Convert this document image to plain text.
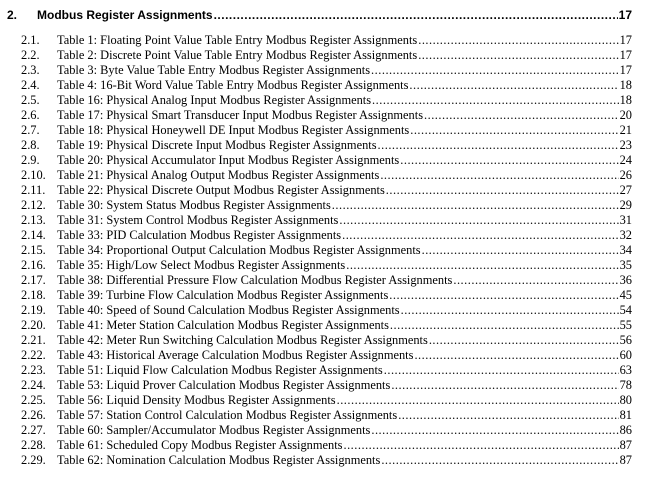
2.	Modbus Register Assignments .....	17
2.1.	Table 1: Floating Point Value Table Entry Modbus Register Assignments .....	17
2.2.	Table 2: Discrete Point Value Table Entry Modbus Register Assignments .....	17
2.3.	Table 3: Byte Value Table Entry Modbus Register Assignments .....	17
2.4.	Table 4: 16-Bit Word Value Table Entry Modbus Register Assignments .....	18
2.5.	Table 16: Physical Analog Input Modbus Register Assignments .....	18
2.6.	Table 17: Physical Smart Transducer Input Modbus Register Assignments .....	20
2.7.	Table 18: Physical Honeywell DE Input Modbus Register Assignments .....	21
2.8.	Table 19: Physical Discrete Input Modbus Register Assignments .....	23
2.9.	Table 20: Physical Accumulator Input Modbus Register Assignments .....	24
2.10. Table 21: Physical Analog Output Modbus Register Assignments .....	26
2.11. Table 22: Physical Discrete Output Modbus Register Assignments .....	27
2.12. Table 30: System Status Modbus Register Assignments .....	29
2.13. Table 31: System Control Modbus Register Assignments .....	31
2.14. Table 33: PID Calculation Modbus Register Assignments .....	32
2.15. Table 34: Proportional Output Calculation Modbus Register Assignments .....	34
2.16. Table 35: High/Low Select Modbus Register Assignments .....	35
2.17. Table 38: Differential Pressure Flow Calculation Modbus Register Assignments .....	36
2.18. Table 39: Turbine Flow Calculation Modbus Register Assignments .....	45
2.19. Table 40: Speed of Sound Calculation Modbus Register Assignments .....	54
2.20. Table 41: Meter Station Calculation Modbus Register Assignments .....	55
2.21. Table 42: Meter Run Switching Calculation Modbus Register Assignments .....	56
2.22. Table 43: Historical Average Calculation Modbus Register Assignments .....	60
2.23. Table 51: Liquid Flow Calculation Modbus Register Assignments .....	63
2.24. Table 53: Liquid Prover Calculation Modbus Register Assignments .....	78
2.25. Table 56: Liquid Density Modbus Register Assignments .....	80
2.26. Table 57: Station Control Calculation Modbus Register Assignments .....	81
2.27. Table 60: Sampler/Accumulator Modbus Register Assignments .....	86
2.28. Table 61: Scheduled Copy Modbus Register Assignments .....	87
2.29. Table 62: Nomination Calculation Modbus Register Assignments .....	87
